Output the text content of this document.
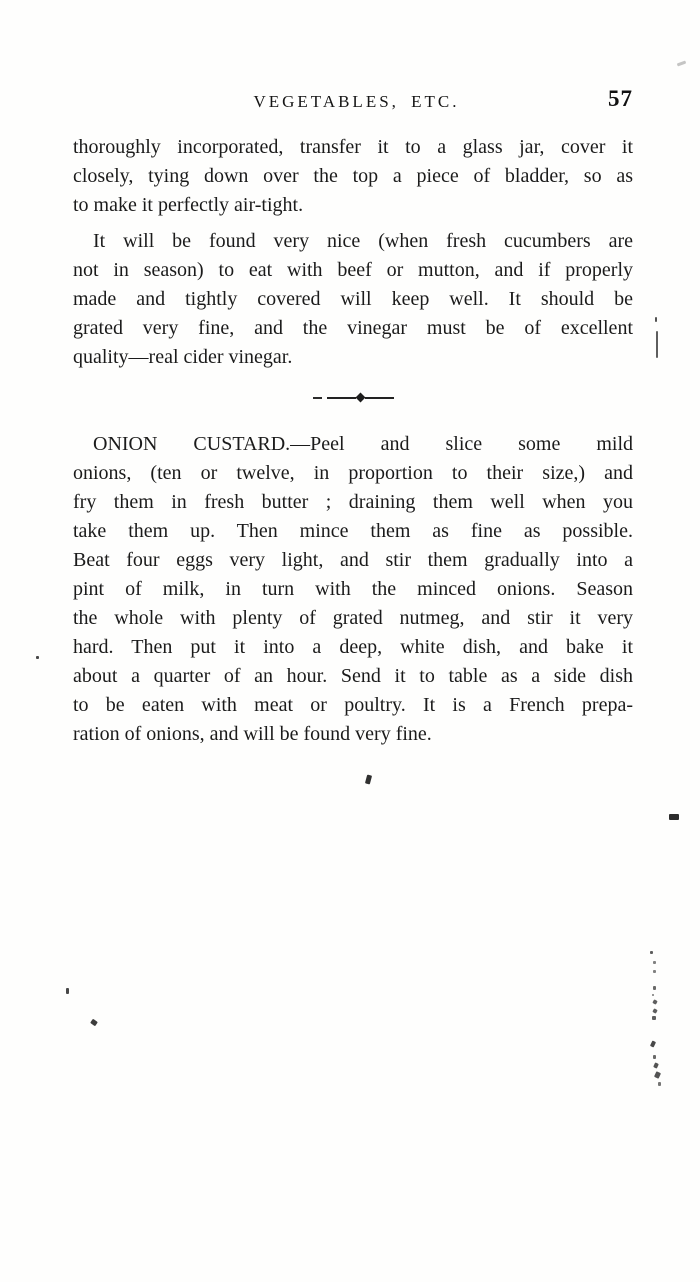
VEGETABLES, ETC.	57
thoroughly incorporated, transfer it to a glass jar, cover it
closely, tying down over the top a piece of bladder, so as
to make it perfectly air-tight.
It will be found very nice (when fresh cucumbers are
not in season) to eat with beef or mutton, and if properly
made and tightly covered will keep well. It should be
grated very fine, and the vinegar must be of excellent
quality—real cider vinegar.
ONION CUSTARD.—Peel and slice some mild
onions, (ten or twelve, in proportion to their size,) and
fry them in fresh butter ; draining them well when you
take them up. Then mince them as fine as possible.
Beat four eggs very light, and stir them gradually into a
pint of milk, in turn with the minced onions. Season
the whole with plenty of grated nutmeg, and stir it very
hard. Then put it into a deep, white dish, and bake it
about a quarter of an hour. Send it to table as a side dish
to be eaten with meat or poultry. It is a French prepa-
ration of onions, and will be found very fine.
